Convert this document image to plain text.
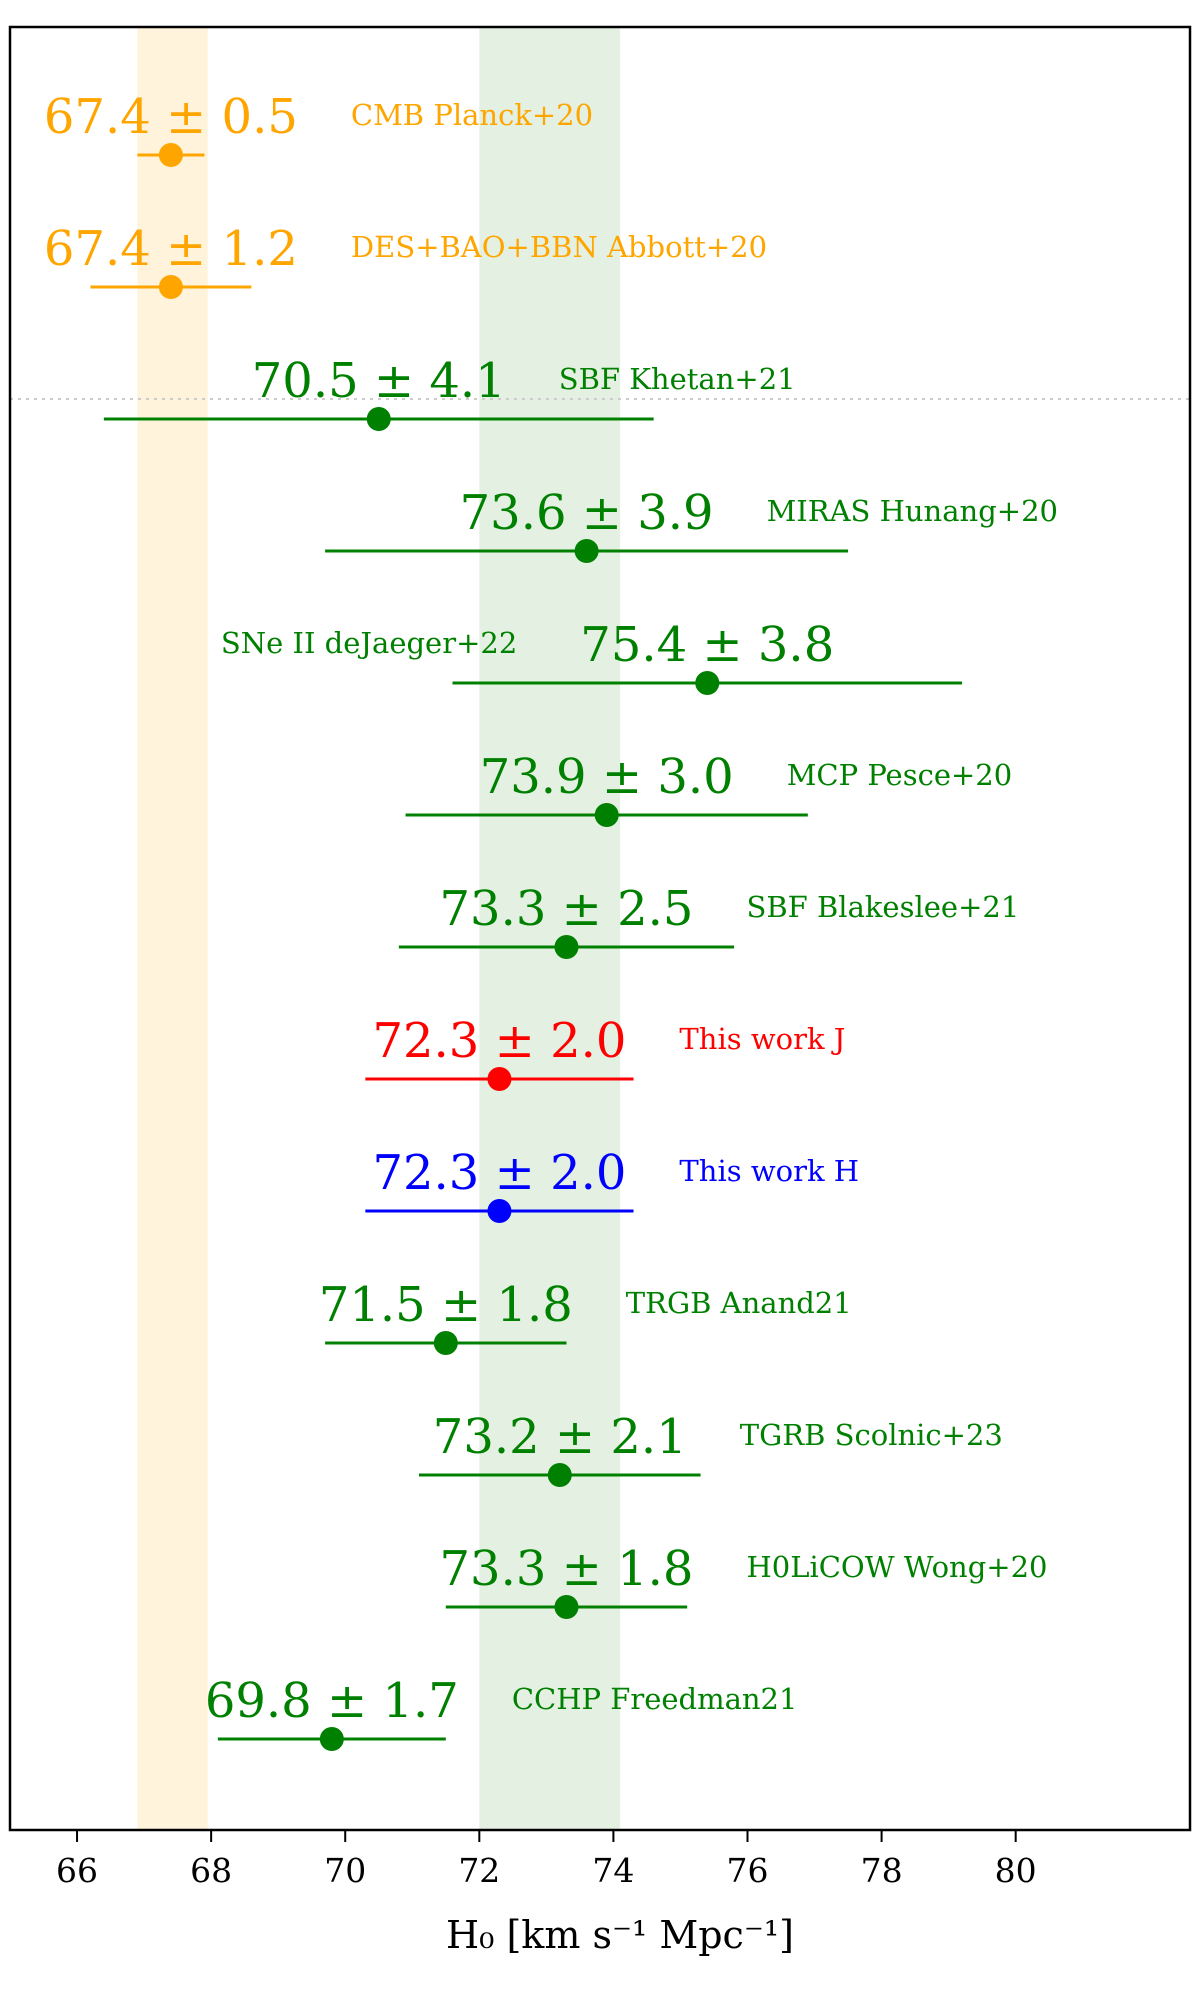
67.4 ± 0.5 CMB Planck+20
67.4 ± 1.2 DES+BAO+BBN Abbott+20
70.5 ± 4.1 SBF Khetan+21
73.6 ± 3.9 MIRAS Hunang+20
75.4 ± 3.8
SNe II deJaeger+22
73.9 ± 3.0 MCP Pesce+20
73.3 ± 2.5 SBF Blakeslee+21
72.3 ± 2.0 This work J
72.3 ± 2.0 This work H
71.5 ± 1.8 TRGB Anand21
73.2 ± 2.1 TGRB Scolnic+23
73.3 ± 1.8 H0LiCOW Wong+20
69.8 ± 1.7 CCHP Freedman21
66	68	70	72	74	76	78	80
H₀ [km s⁻¹ Mpc⁻¹]
